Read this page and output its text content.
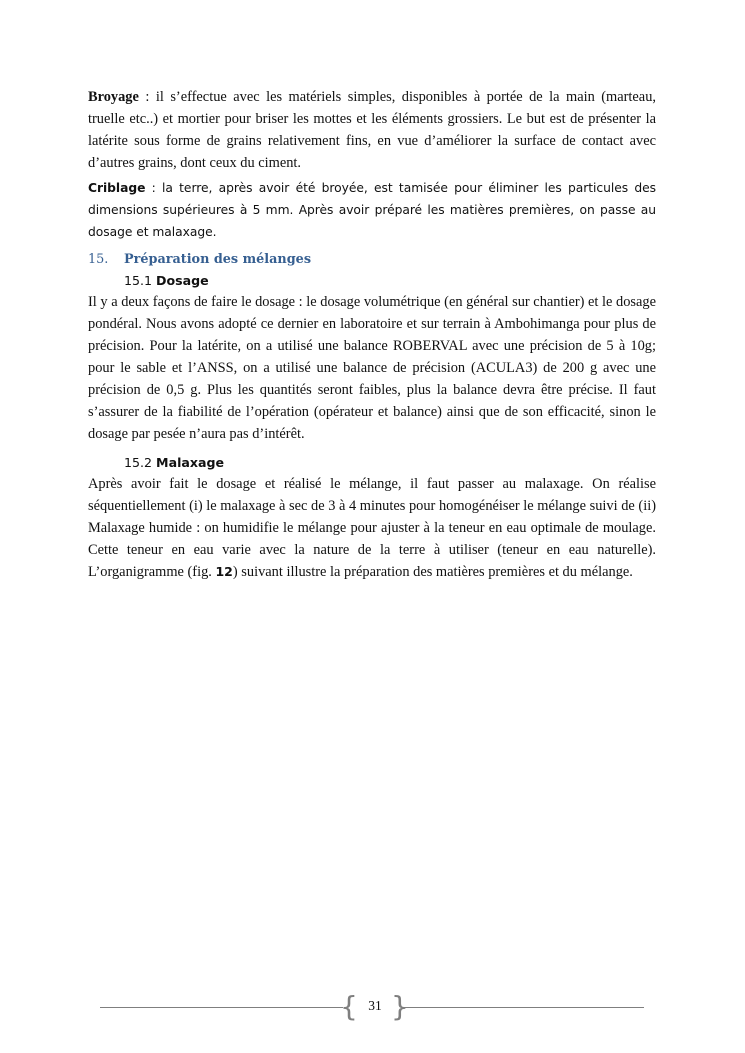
Broyage : il s’effectue avec les matériels simples, disponibles à portée de la main (marteau, truelle etc..) et mortier pour briser les mottes et les éléments grossiers. Le but est de présenter la latérite sous forme de grains relativement fins, en vue d’améliorer la surface de contact avec d’autres grains, dont ceux du ciment.

Criblage : la terre, après avoir été broyée, est tamisée pour éliminer les particules des dimensions supérieures à 5 mm. Après avoir préparé les matières premières, on passe au dosage et malaxage.

15. Préparation des mélanges
15.1 Dosage

Il y a deux façons de faire le dosage : le dosage volumétrique (en général sur chantier) et le dosage pondéral. Nous avons adopté ce dernier en laboratoire et sur terrain à Ambohimanga pour plus de précision. Pour la latérite, on a utilisé une balance ROBERVAL avec une précision de 5 à 10g; pour le sable et l’ANSS, on a utilisé une balance de précision (ACULA3) de 200 g avec une précision de 0,5 g. Plus les quantités seront faibles, plus la balance devra être précise. Il faut s’assurer de la fiabilité de l’opération (opérateur et balance) ainsi que de son efficacité, sinon le dosage par pesée n’aura pas d’intérêt.

15.2 Malaxage

Après avoir fait le dosage et réalisé le mélange, il faut passer au malaxage. On réalise séquentiellement (i) le malaxage à sec de 3 à 4 minutes pour homogénéiser le mélange suivi de (ii) Malaxage humide : on humidifie le mélange pour ajuster à la teneur en eau optimale de moulage. Cette teneur en eau varie avec la nature de la terre à utiliser (teneur en eau naturelle). L’organigramme (fig. 12) suivant illustre la préparation des matières premières et du mélange.

{ 31 }
